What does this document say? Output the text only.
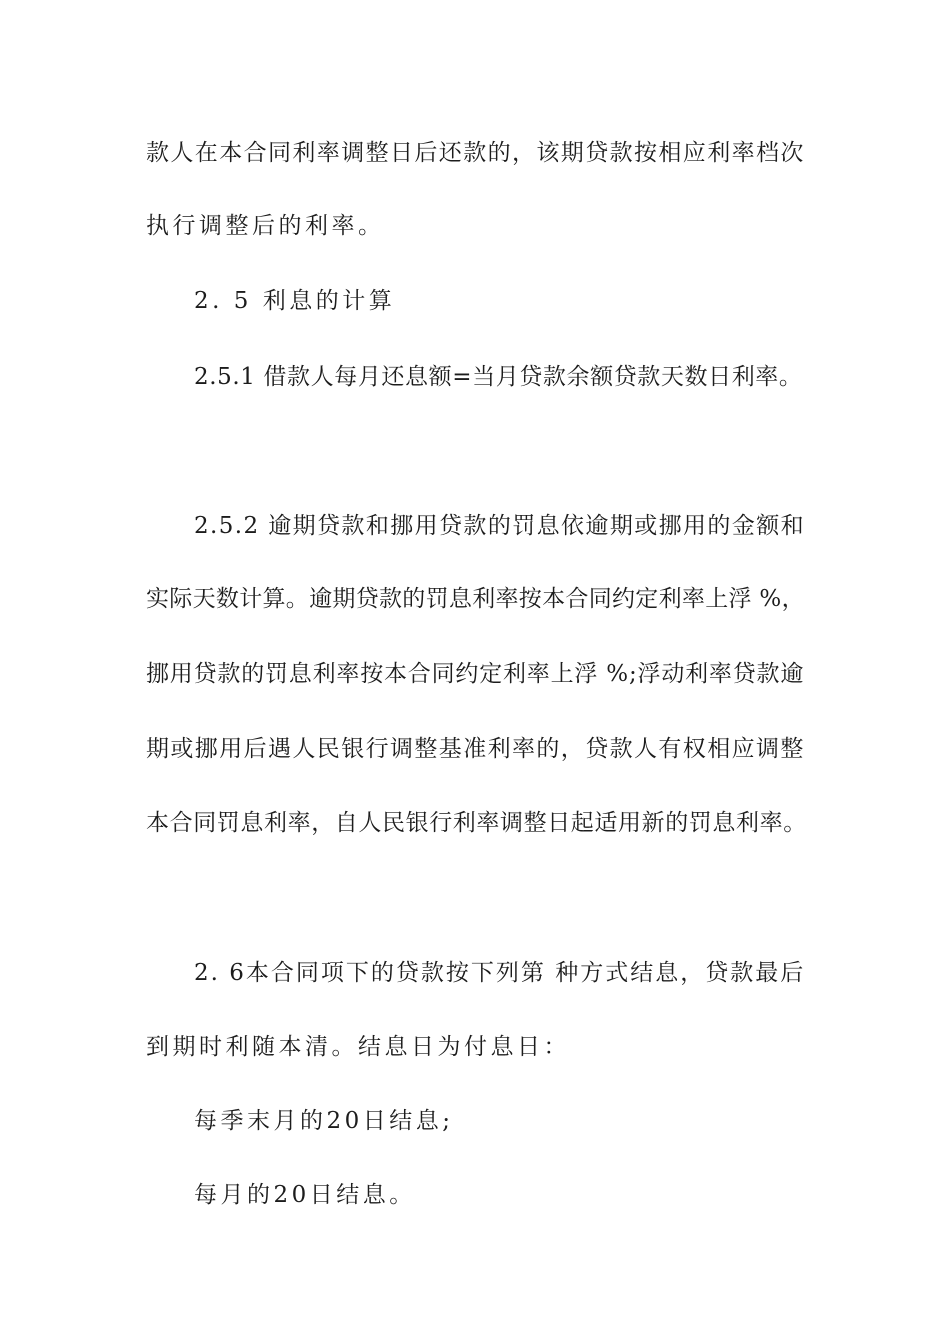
款人在本合同利率调整日后还款的，该期贷款按相应利率档次
执行调整后的利率。
2. 5 利息的计算
2.5.1 借款人每月还息额=当月贷款余额贷款天数日利率。
2.5.2 逾期贷款和挪用贷款的罚息依逾期或挪用的金额和
实际天数计算。逾期贷款的罚息利率按本合同约定利率上浮 %，
挪用贷款的罚息利率按本合同约定利率上浮 %;浮动利率贷款逾
期或挪用后遇人民银行调整基准利率的，贷款人有权相应调整
本合同罚息利率，自人民银行利率调整日起适用新的罚息利率。
2. 6本合同项下的贷款按下列第 种方式结息，贷款最后
到期时利随本清。结息日为付息日：
每季末月的20日结息;
每月的20日结息。
